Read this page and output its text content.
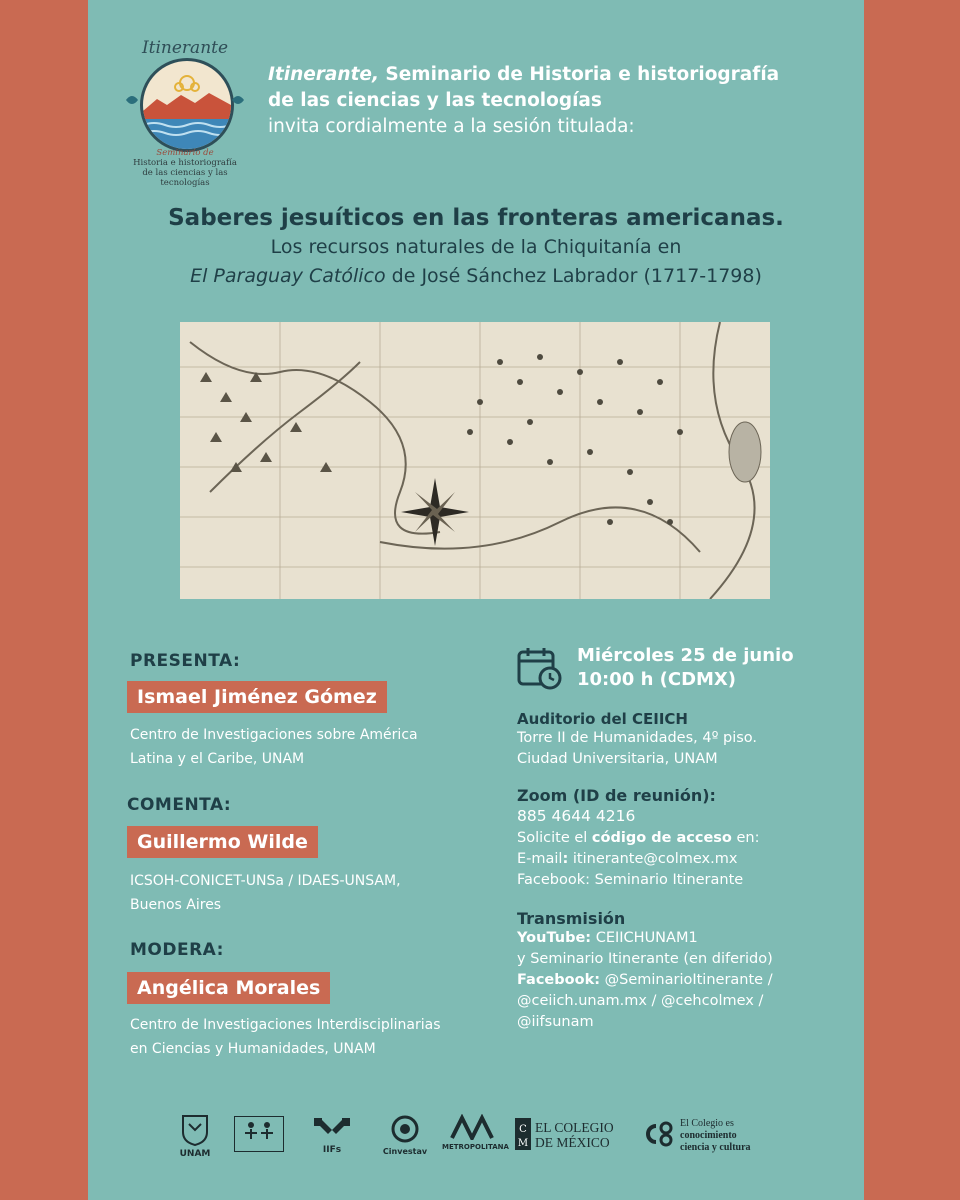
Itinerante
Seminario de
Historia e historiografía
de las ciencias y las tecnologías
Itinerante, Seminario de Historia e historiografía
de las ciencias y las tecnologías
invita cordialmente a la sesión titulada:
Saberes jesuíticos en las fronteras americanas.
Los recursos naturales de la Chiquitanía en
El Paraguay Católico de José Sánchez Labrador (1717-1798)
PRESENTA:
Ismael Jiménez Gómez
Centro de Investigaciones sobre América
Latina y el Caribe, UNAM
COMENTA:
Guillermo Wilde
ICSOH-CONICET-UNSa / IDAES-UNSAM,
Buenos Aires
MODERA:
Angélica Morales
Centro de Investigaciones Interdisciplinarias
en Ciencias y Humanidades, UNAM
Miércoles 25 de junio
10:00 h (CDMX)
Auditorio del CEIICH
Torre II de Humanidades, 4º piso.
Ciudad Universitaria, UNAM
Zoom (ID de reunión):
885 4644 4216
Solicite el código de acceso en:
E-mail: itinerante@colmex.mx
Facebook: Seminario Itinerante
Transmisión
YouTube: CEIICHUNAM1
y Seminario Itinerante (en diferido)
Facebook: @SeminarioItinerante /
@ceiich.unam.mx / @cehcolmex /
@iifsunam
UNAM	IIFs	Cinvestav	METROPOLITANA
C
M
EL COLEGIO
DE MÉXICO
El Colegio es
conocimiento
ciencia y cultura
